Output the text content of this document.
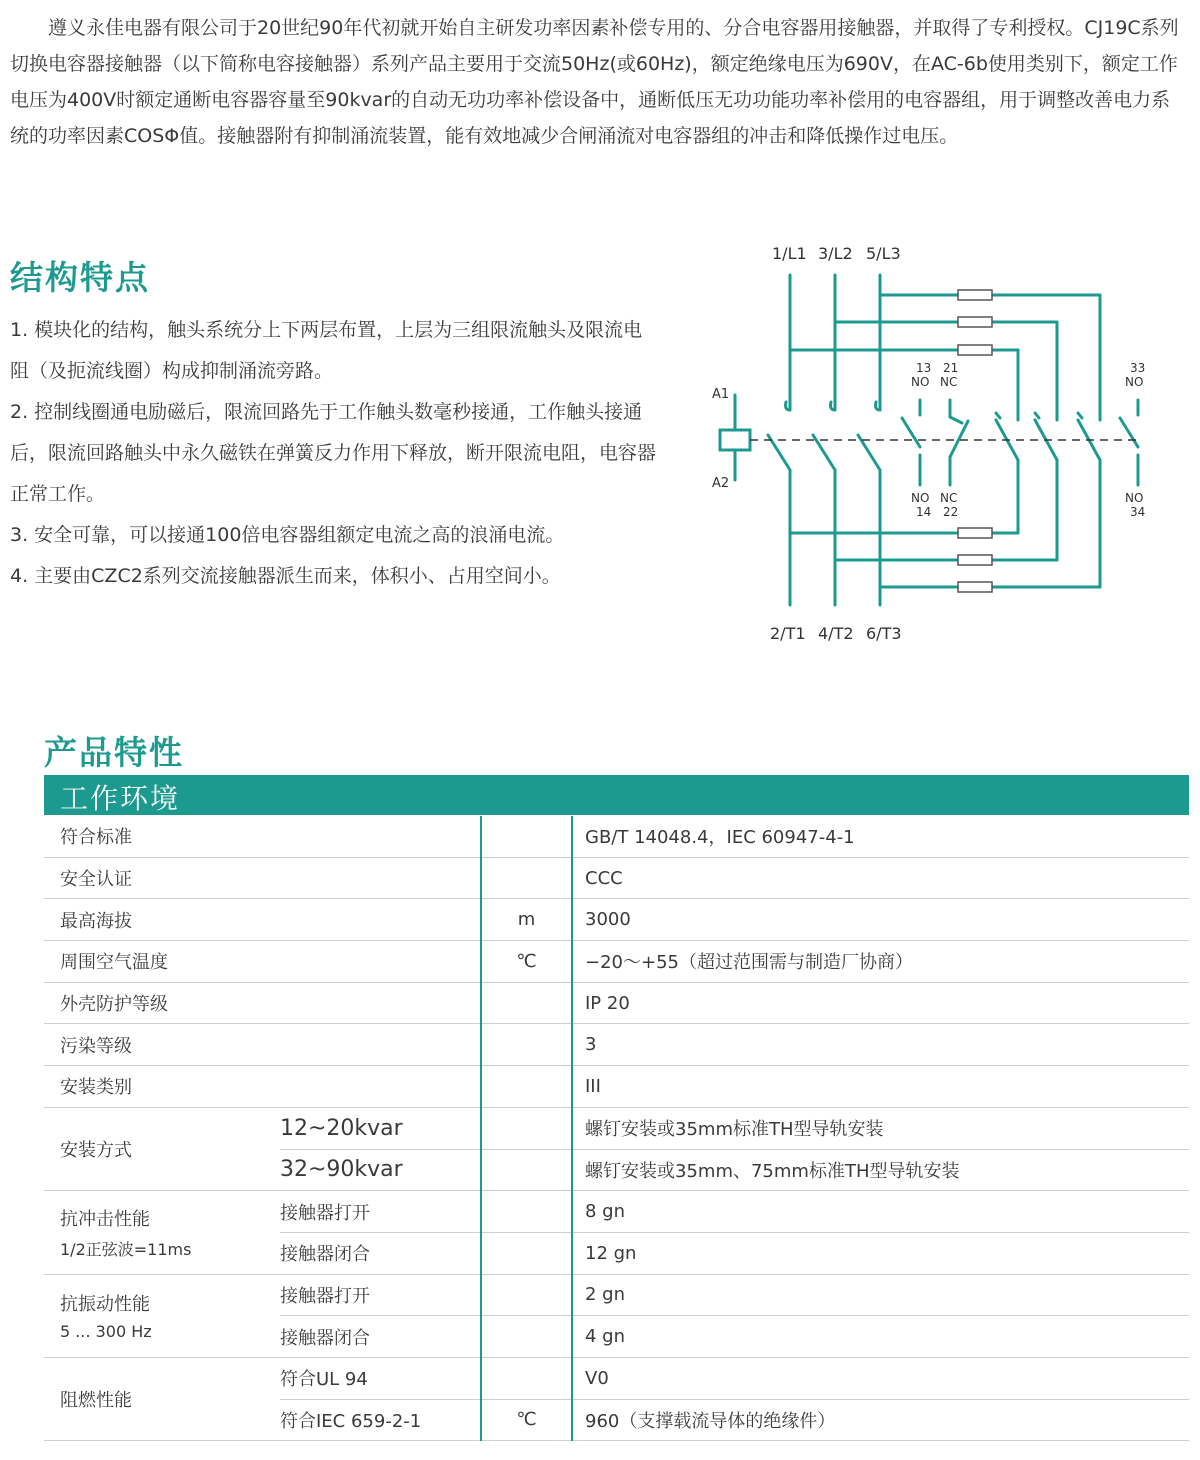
遵义永佳电器有限公司于20世纪90年代初就开始自主研发功率因素补偿专用的、分合电容器用接触器，并取得了专利授权。CJ19C系列切换电容器接触器（以下简称电容接触器）系列产品主要用于交流50Hz(或60Hz)，额定绝缘电压为690V，在AC-6b使用类别下，额定工作电压为400V时额定通断电容器容量至90kvar的自动无功功率补偿设备中，通断低压无功功能功率补偿用的电容器组，用于调整改善电力系统的功率因素COSΦ值。接触器附有抑制涌流装置，能有效地减少合闸涌流对电容器组的冲击和降低操作过电压。

结构特点

1. 模块化的结构，触头系统分上下两层布置，上层为三组限流触头及限流电阻（及扼流线圈）构成抑制涌流旁路。

2. 控制线圈通电励磁后，限流回路先于工作触头数毫秒接通，工作触头接通后，限流回路触头中永久磁铁在弹簧反力作用下释放，断开限流电阻，电容器正常工作。

3. 安全可靠，可以接通100倍电容器组额定电流之高的浪涌电流。

4. 主要由CZC2系列交流接触器派生而来，体积小、占用空间小。

1/L1 3/L2 5/L3
2/T1 4/T2 6/T3
A1
A2
13
NO
21
NC
33
NO
NO
14
NC
22
NO
34
产品特性
工作环境
符合标准			GB/T 14048.4，IEC 60947-4-1
安全认证			CCC
最高海拔		m	3000
周围空气温度		℃	−20～+55（超过范围需与制造厂协商）
外壳防护等级			IP 20
污染等级			3
安装类别			III
安装方式	12~20kvar		螺钉安装或35mm标准TH型导轨安装
	32~90kvar		螺钉安装或35mm、75mm标准TH型导轨安装
抗冲击性能
1/2正弦波=11ms	接触器打开		8 gn
	接触器闭合		12 gn
抗振动性能
5 ... 300 Hz	接触器打开		2 gn
	接触器闭合		4 gn
阻燃性能	符合UL 94		V0
	符合IEC 659-2-1	℃	960（支撑载流导体的绝缘件）
